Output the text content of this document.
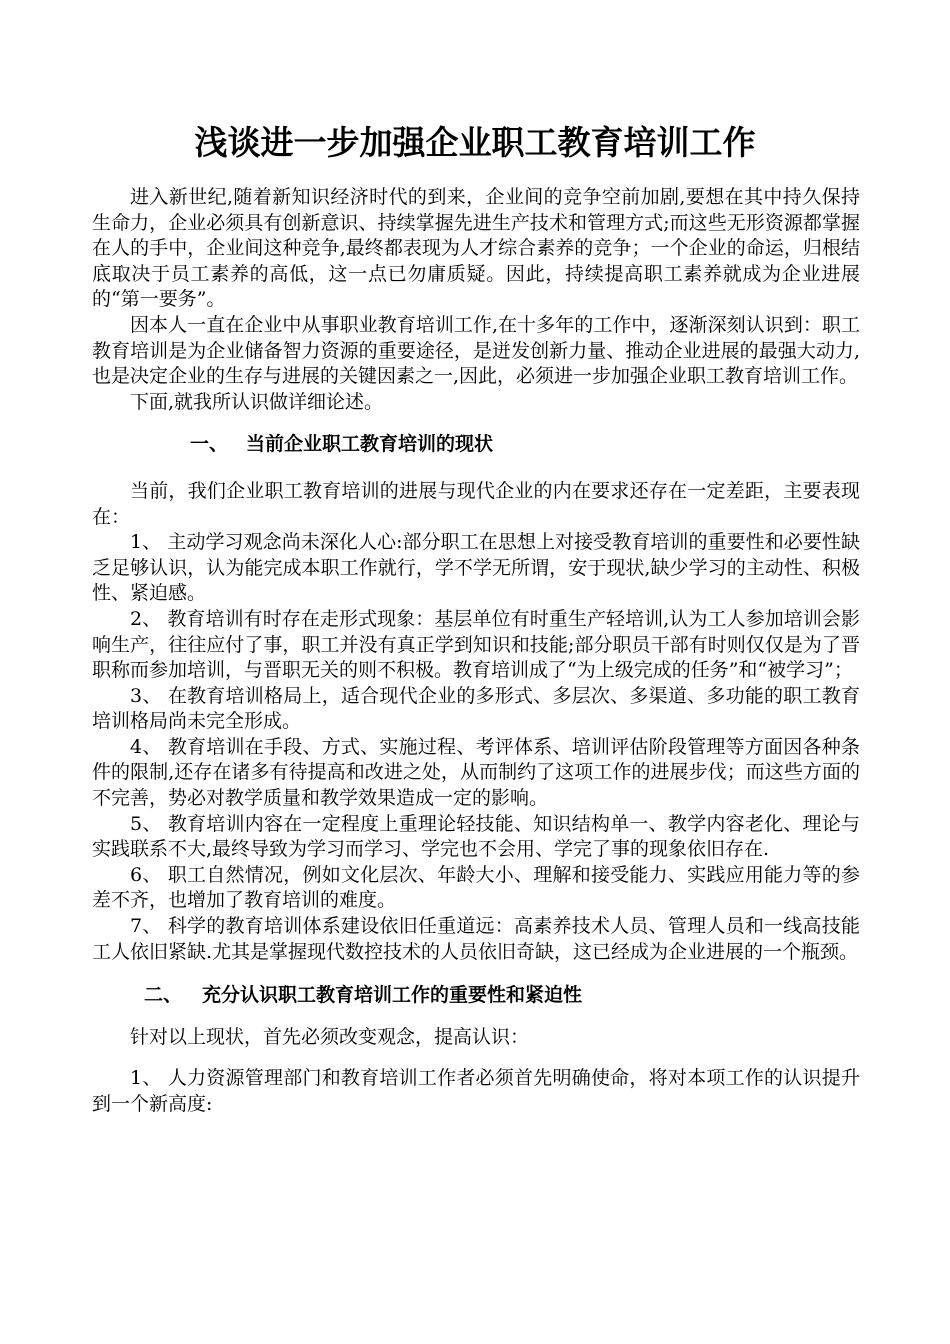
浅谈进一步加强企业职工教育培训工作

进入新世纪,随着新知识经济时代的到来，企业间的竞争空前加剧,要想在其中持久保持生命力，企业必须具有创新意识、持续掌握先进生产技术和管理方式;而这些无形资源都掌握在人的手中，企业间这种竞争,最终都表现为人才综合素养的竞争；一个企业的命运，归根结底取决于员工素养的高低，这一点已勿庸质疑。因此，持续提高职工素养就成为企业进展的“第一要务”。

因本人一直在企业中从事职业教育培训工作,在十多年的工作中，逐渐深刻认识到：职工教育培训是为企业储备智力资源的重要途径，是迸发创新力量、推动企业进展的最强大动力,也是决定企业的生存与进展的关键因素之一,因此，必须进一步加强企业职工教育培训工作。

下面,就我所认识做详细论述。

一、 当前企业职工教育培训的现状

当前，我们企业职工教育培训的进展与现代企业的内在要求还存在一定差距，主要表现在：

1、 主动学习观念尚未深化人心:部分职工在思想上对接受教育培训的重要性和必要性缺乏足够认识，认为能完成本职工作就行，学不学无所谓，安于现状,缺少学习的主动性、积极性、紧迫感。

2、 教育培训有时存在走形式现象：基层单位有时重生产轻培训,认为工人参加培训会影响生产，往往应付了事，职工并没有真正学到知识和技能;部分职员干部有时则仅仅是为了晋职称而参加培训，与晋职无关的则不积极。教育培训成了“为上级完成的任务”和“被学习”；

3、 在教育培训格局上，适合现代企业的多形式、多层次、多渠道、多功能的职工教育培训格局尚未完全形成。

4、 教育培训在手段、方式、实施过程、考评体系、培训评估阶段管理等方面因各种条件的限制,还存在诸多有待提高和改进之处，从而制约了这项工作的进展步伐；而这些方面的不完善，势必对教学质量和教学效果造成一定的影响。

5、 教育培训内容在一定程度上重理论轻技能、知识结构单一、教学内容老化、理论与实践联系不大,最终导致为学习而学习、学完也不会用、学完了事的现象依旧存在.

6、 职工自然情况，例如文化层次、年龄大小、理解和接受能力、实践应用能力等的参差不齐，也增加了教育培训的难度。

7、 科学的教育培训体系建设依旧任重道远：高素养技术人员、管理人员和一线高技能工人依旧紧缺.尤其是掌握现代数控技术的人员依旧奇缺，这已经成为企业进展的一个瓶颈。

二、 充分认识职工教育培训工作的重要性和紧迫性

针对以上现状，首先必须改变观念，提高认识：

1、 人力资源管理部门和教育培训工作者必须首先明确使命，将对本项工作的认识提升到一个新高度:
